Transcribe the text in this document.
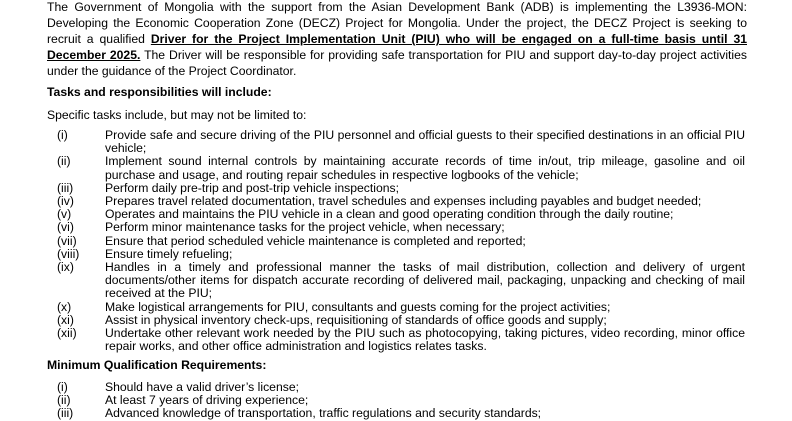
The Government of Mongolia with the support from the Asian Development Bank (ADB) is implementing the L3936-MON: Developing the Economic Cooperation Zone (DECZ) Project for Mongolia. Under the project, the DECZ Project is seeking to recruit a qualified Driver for the Project Implementation Unit (PIU) who will be engaged on a full-time basis until 31 December 2025. The Driver will be responsible for providing safe transportation for PIU and support day-to-day project activities under the guidance of the Project Coordinator.

Tasks and responsibilities will include:
Specific tasks include, but may not be limited to:
(i)	Provide safe and secure driving of the PIU personnel and official guests to their specified destinations in an official PIU vehicle;
(ii)	Implement sound internal controls by maintaining accurate records of time in/out, trip mileage, gasoline and oil purchase and usage, and routing repair schedules in respective logbooks of the vehicle;
(iii)	Perform daily pre-trip and post-trip vehicle inspections;
(iv)	Prepares travel related documentation, travel schedules and expenses including payables and budget needed;
(v)	Operates and maintains the PIU vehicle in a clean and good operating condition through the daily routine;
(vi)	Perform minor maintenance tasks for the project vehicle, when necessary;
(vii) Ensure that period scheduled vehicle maintenance is completed and reported;
(viii) Ensure timely refueling;
(ix)	Handles in a timely and professional manner the tasks of mail distribution, collection and delivery of urgent documents/other items for dispatch accurate recording of delivered mail, packaging, unpacking and checking of mail received at the PIU;
(x)	Make logistical arrangements for PIU, consultants and guests coming for the project activities;
(xi)	Assist in physical inventory check-ups, requisitioning of standards of office goods and supply;
(xii) Undertake other relevant work needed by the PIU such as photocopying, taking pictures, video recording, minor office repair works, and other office administration and logistics relates tasks.
Minimum Qualification Requirements:
(i)	Should have a valid driver’s license;
(ii)	At least 7 years of driving experience;
(iii)	Advanced knowledge of transportation, traffic regulations and security standards;
